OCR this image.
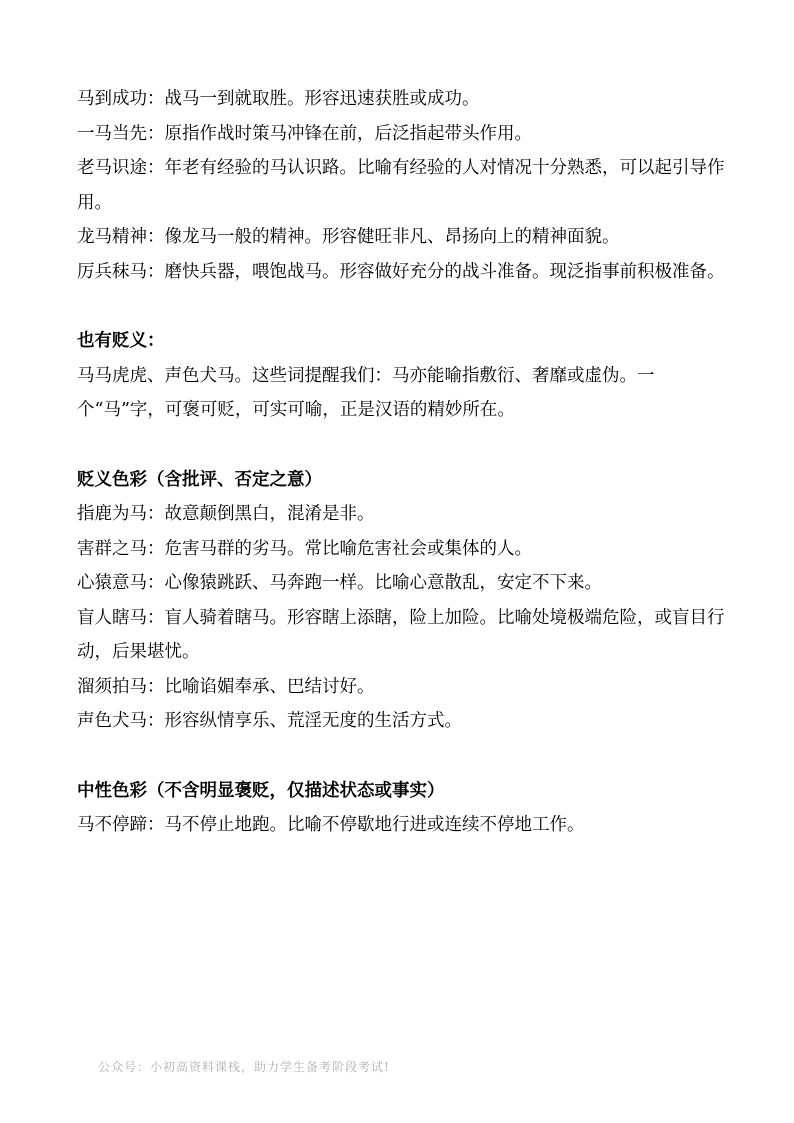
马到成功：战马一到就取胜。形容迅速获胜或成功。

一马当先：原指作战时策马冲锋在前，后泛指起带头作用。

老马识途：年老有经验的马认识路。比喻有经验的人对情况十分熟悉，可以起引导作用。

龙马精神：像龙马一般的精神。形容健旺非凡、昂扬向上的精神面貌。

厉兵秣马：磨快兵器，喂饱战马。形容做好充分的战斗准备。现泛指事前积极准备。

也有贬义：

马马虎虎、声色犬马。这些词提醒我们：马亦能喻指敷衍、奢靡或虚伪。一个“马”字，可褒可贬，可实可喻，正是汉语的精妙所在。

贬义色彩（含批评、否定之意）

指鹿为马：故意颠倒黑白，混淆是非。

害群之马：危害马群的劣马。常比喻危害社会或集体的人。

心猿意马：心像猿跳跃、马奔跑一样。比喻心意散乱，安定不下来。

盲人瞎马：盲人骑着瞎马。形容瞎上添瞎，险上加险。比喻处境极端危险，或盲目行动，后果堪忧。

溜须拍马：比喻谄媚奉承、巴结讨好。

声色犬马：形容纵情享乐、荒淫无度的生活方式。

中性色彩（不含明显褒贬，仅描述状态或事实）

马不停蹄：马不停止地跑。比喻不停歇地行进或连续不停地工作。

公众号：小初高资料课栈，助力学生备考阶段考试!
